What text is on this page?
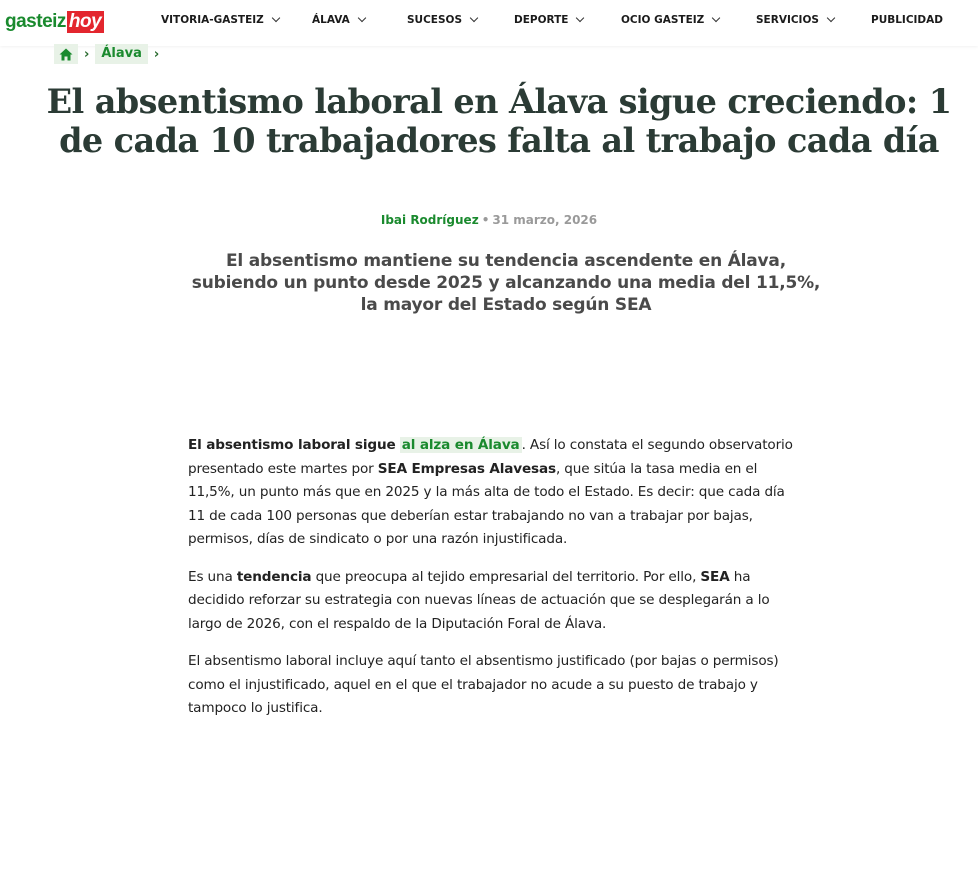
gasteiz hoy	VITORIA-GASTEIZ	ÁLAVA	SUCESOS	DEPORTE	OCIO GASTEIZ	SERVICIOS	PUBLICIDAD
› Álava ›
El absentismo laboral en Álava sigue creciendo: 1 de cada 10 trabajadores falta al trabajo cada día
Ibai Rodríguez • 31 marzo, 2026
El absentismo mantiene su tendencia ascendente en Álava, subiendo un punto desde 2025 y alcanzando una media del 11,5%, la mayor del Estado según SEA

El absentismo laboral sigue al alza en Álava . Así lo constata el segundo observatorio presentado este martes por SEA Empresas Alavesas, que sitúa la tasa media en el 11,5%, un punto más que en 2025 y la más alta de todo el Estado. Es decir: que cada día 11 de cada 100 personas que deberían estar trabajando no van a trabajar por bajas, permisos, días de sindicato o por una razón injustificada.

Es una tendencia que preocupa al tejido empresarial del territorio. Por ello, SEA ha decidido reforzar su estrategia con nuevas líneas de actuación que se desplegarán a lo largo de 2026, con el respaldo de la Diputación Foral de Álava.

El absentismo laboral incluye aquí tanto el absentismo justificado (por bajas o permisos) como el injustificado, aquel en el que el trabajador no acude a su puesto de trabajo y tampoco lo justifica.
